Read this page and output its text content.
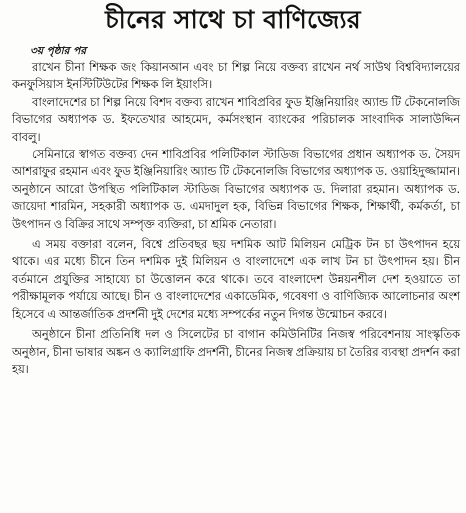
চীনের সাথে চা বাণিজ্যের
৩য় পৃষ্ঠার পর

রাখেন চীনা শিক্ষক জং কিয়ানআন এবং চা শিল্প নিয়ে বক্তব্য রাখেন নর্থ সাউথ বিশ্ববিদ্যালয়ের কনফুসিয়াস ইনস্টিটিউটের শিক্ষক লি ইয়াংসি।

বাংলাদেশের চা শিল্প নিয়ে বিশদ বক্তব্য রাখেন শাবিপ্রবির ফুড ইঞ্জিনিয়ারিং অ্যান্ড টি টেকনোলজি বিভাগের অধ্যাপক ড. ইফতেখার আহমেদ, কর্মসংস্থান ব্যাংকের পরিচালক সাংবাদিক সালাউদ্দিন বাবলু।

সেমিনারে স্বাগত বক্তব্য দেন শাবিপ্রবির পলিটিকাল স্টাডিজ বিভাগের প্রধান অধ্যাপক ড. সৈয়দ আশরাফুর রহমান এবং ফুড ইঞ্জিনিয়ারিং অ্যান্ড টি টেকনোলজি বিভাগের অধ্যাপক ড. ওয়াহিদুজ্জামান। অনুষ্ঠানে আরো উপস্থিত পলিটিকাল স্টাডিজ বিভাগের অধ্যাপক ড. দিলারা রহমান। অধ্যাপক ড. জায়েদা শারমিন, সহকারী অধ্যাপক ড. এমদাদুল হক, বিভিন্ন বিভাগের শিক্ষক, শিক্ষার্থী, কর্মকর্তা, চা উৎপাদন ও বিক্রির সাথে সম্পৃক্ত ব্যক্তিরা, চা শ্রমিক নেতারা।

এ সময় বক্তারা বলেন, বিশ্বে প্রতিবছর ছয় দশমিক আট মিলিয়ন মেট্রিক টন চা উৎপাদন হয়ে থাকে। এর মধ্যে চীনে তিন দশমিক দুই মিলিয়ন ও বাংলাদেশে এক লাখ টন চা উৎপাদন হয়। চীন বর্তমানে প্রযুক্তির সাহায্যে চা উত্তোলন করে থাকে। তবে বাংলাদেশ উন্নয়নশীল দেশ হওয়াতে তা পরীক্ষামূলক পর্যায়ে আছে। চীন ও বাংলাদেশের একাডেমিক, গবেষণা ও বাণিজ্যিক আলোচনার অংশ হিসেবে এ আন্তর্জাতিক প্রদর্শনী দুই দেশের মধ্যে সম্পর্কের নতুন দিগন্ত উন্মোচন করবে।

অনুষ্ঠানে চীনা প্রতিনিধি দল ও সিলেটের চা বাগান কমিউনিটির নিজস্ব পরিবেশনায় সাংস্কৃতিক অনুষ্ঠান, চীনা ভাষার অঙ্কন ও ক্যালিগ্রাফি প্রদর্শনী, চীনের নিজস্ব প্রক্রিয়ায় চা তৈরির ব্যবস্থা প্রদর্শন করা হয়।
